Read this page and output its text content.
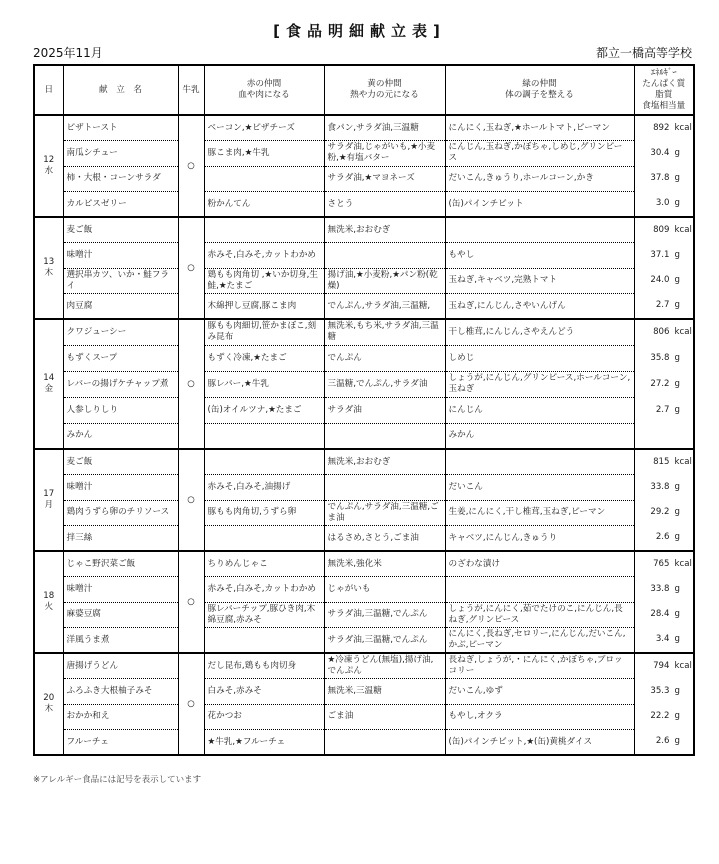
[食品明細献立表]
2025年11月	都立一橋高等学校
日	献　立　名	牛乳	
赤の仲間
血や肉になる

黄の仲間
熱や力の元になる

緑の仲間
体の調子を整える

ｴﾈﾙｷﾞｰ
たんぱく質
脂質
食塩相当量

12
水	ピザトースト	○	ベーコン,★ピザチーズ	食パン,サラダ油,三温糖	にんにく,玉ねぎ,★ホールトマト,ピーマン	892 kcal
	南瓜シチュー		豚こま肉,★牛乳	サラダ油,じゃがいも,★小麦粉,★有塩バター	にんじん,玉ねぎ,かぼちゃ,しめじ,グリンピース	30.4 g
	柿・大根・コーンサラダ			サラダ油,★マヨネーズ	だいこん,きゅうり,ホールコーン,かき	37.8 g
	カルピスゼリー		粉かんてん	さとう	(缶)パインチビット	3.0 g

13
木	麦ご飯	○		無洗米,おおむぎ		809 kcal
	味噌汁		赤みそ,白みそ,カットわかめ		もやし	37.1 g
	選択串カツ、いか・鮭フライ		鶏もも肉角切 ,★いか切身,生鮭,★たまご	揚げ油,★小麦粉,★パン粉(乾燥)	玉ねぎ,キャベツ,完熟トマト	24.0 g
	肉豆腐		木綿押し豆腐,豚こま肉	でんぷん,サラダ油,三温糖,	玉ねぎ,にんじん,さやいんげん	2.7 g

14
金	クワジューシー	○	豚もも肉細切,笹かまぼこ,刻み昆布	無洗米,もち米,サラダ油,三温糖	干し椎茸,にんじん,さやえんどう	806 kcal
	もずくスープ		もずく冷凍,★たまご	でんぷん	しめじ	35.8 g
	レバーの揚げケチャップ煮		豚レバー,★牛乳	三温糖,でんぷん,サラダ油	しょうが,にんじん,グリンピース,ホールコーン,玉ねぎ	27.2 g
	人参しりしり		(缶)オイルツナ,★たまご	サラダ油	にんじん	2.7 g
	みかん				みかん	

17
月	麦ご飯	○		無洗米,おおむぎ		815 kcal
	味噌汁		赤みそ,白みそ,油揚げ		だいこん	33.8 g
	鶏肉うずら卵のチリソース		豚もも肉角切,うずら卵	でんぷん,サラダ油,三温糖,ごま油	生姜,にんにく,干し椎茸,玉ねぎ,ピーマン	29.2 g
	拌三絲			はるさめ,さとう,ごま油	キャベツ,にんじん,きゅうり	2.6 g

18
火	じゃこ野沢菜ご飯	○	ちりめんじゃこ	無洗米,強化米	のざわな漬け	765 kcal
	味噌汁		赤みそ,白みそ,カットわかめ	じゃがいも		33.8 g
	麻婆豆腐		豚レバーチップ,豚ひき肉,木綿豆腐,赤みそ	サラダ油,三温糖,でんぷん	しょうが,にんにく,茹でたけのこ,にんじん,長ねぎ,グリンピース	28.4 g
	洋風うま煮			サラダ油,三温糖,でんぷん	にんにく,長ねぎ,セロリー,にんじん,だいこん,かぶ,ピーマン	3.4 g

20
木	唐揚げうどん	○	だし昆布,鶏もも肉切身	★冷凍うどん(無塩),揚げ油,でんぷん	長ねぎ,しょうが,・にんにく,かぼちゃ,ブロッコリー	794 kcal
	ふろふき大根柚子みそ		白みそ,赤みそ	無洗米,三温糖	だいこん,ゆず	35.3 g
	おかか和え		花かつお	ごま油	もやし,オクラ	22.2 g
	フルーチェ		★牛乳,★フルーチェ		(缶)パインチビット,★(缶)黄桃ダイス	2.6 g
※アレルギー食品には記号を表示しています
